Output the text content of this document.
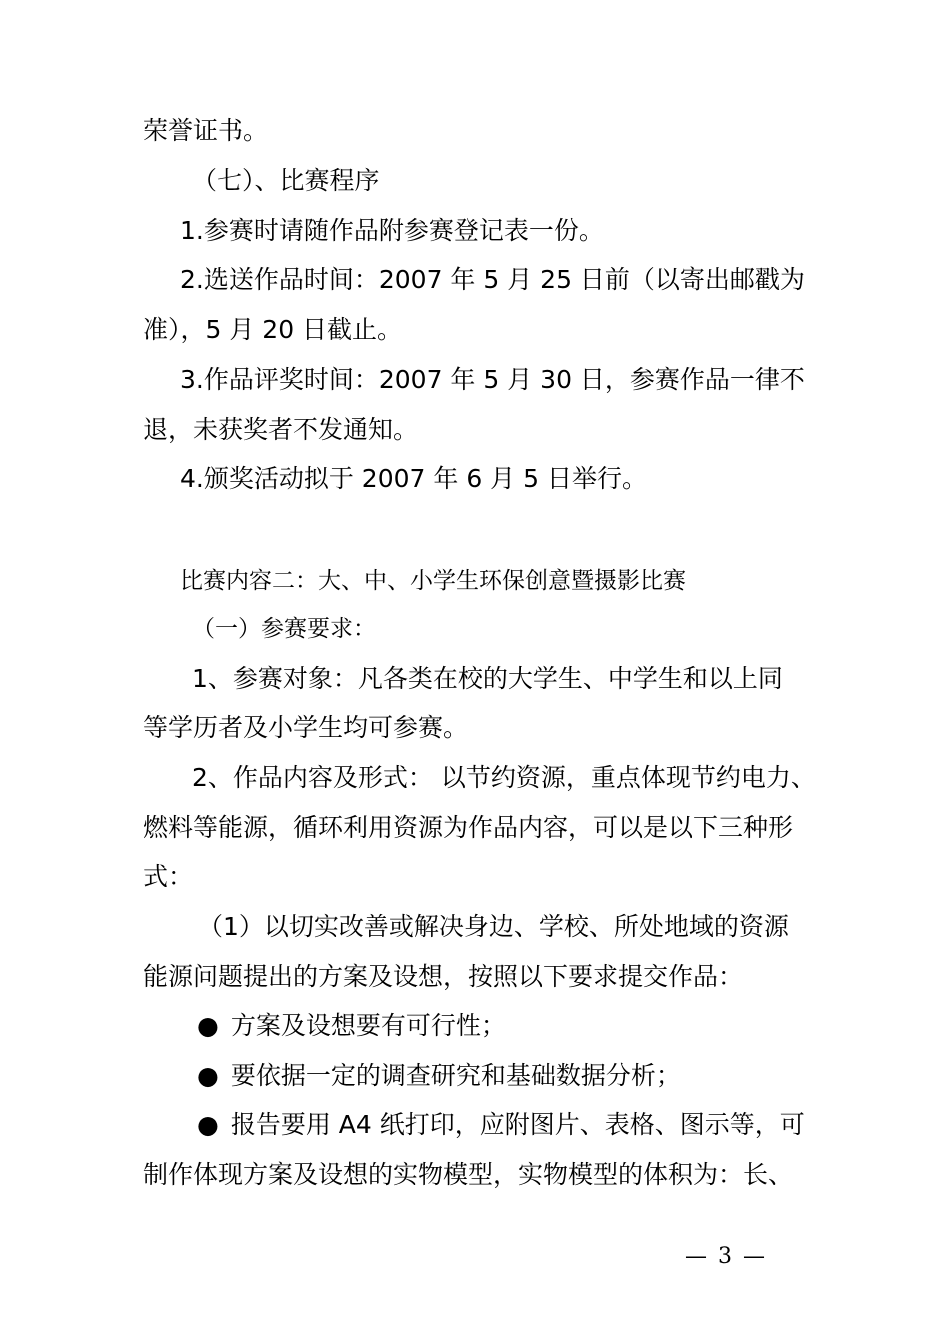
荣誉证书。
（七）、比赛程序
1.参赛时请随作品附参赛登记表一份。
2.选送作品时间：2007 年 5 月 25 日前（以寄出邮戳为
准），5 月 20 日截止。
3.作品评奖时间：2007 年 5 月 30 日，参赛作品一律不
退，未获奖者不发通知。
4.颁奖活动拟于 2007 年 6 月 5 日举行。
比赛内容二：大、中、小学生环保创意暨摄影比赛
（一）参赛要求：
1、参赛对象：凡各类在校的大学生、中学生和以上同
等学历者及小学生均可参赛。
2、作品内容及形式： 以节约资源，重点体现节约电力、
燃料等能源，循环利用资源为作品内容，可以是以下三种形
式：
（1）以切实改善或解决身边、学校、所处地域的资源
能源问题提出的方案及设想，按照以下要求提交作品：
● 方案及设想要有可行性；
● 要依据一定的调查研究和基础数据分析；
● 报告要用 A4 纸打印，应附图片、表格、图示等，可
制作体现方案及设想的实物模型，实物模型的体积为：长、
— 3 —
